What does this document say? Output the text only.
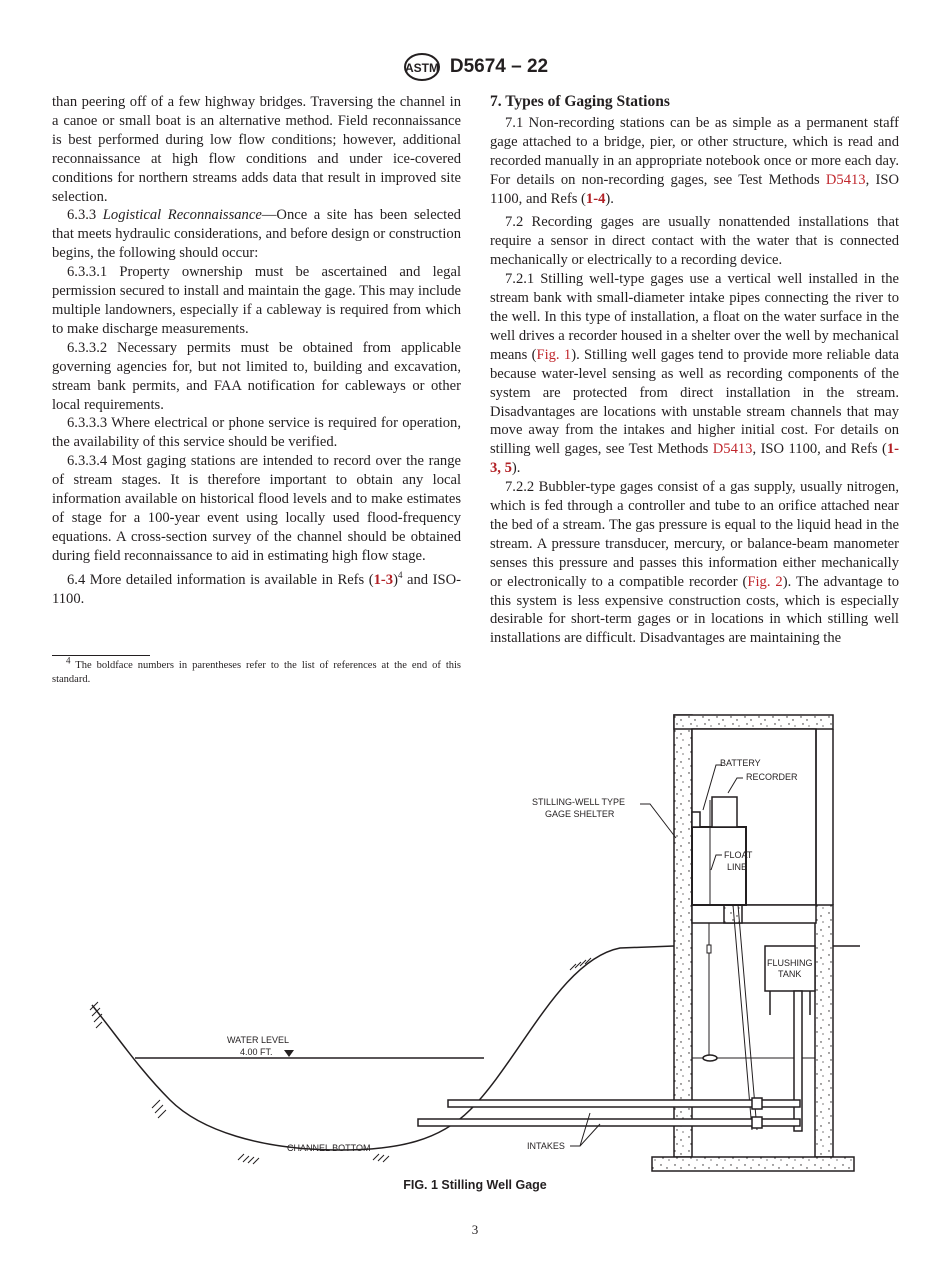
ASTM D5674 – 22

than peering off of a few highway bridges. Traversing the channel in a canoe or small boat is an alternative method. Field reconnaissance is best performed during low flow conditions; however, additional reconnaissance at high flow conditions and under ice-covered conditions for northern streams adds data that result in improved site selection.

6.3.3 Logistical Reconnaissance—Once a site has been selected that meets hydraulic considerations, and before design or construction begins, the following should occur:

6.3.3.1 Property ownership must be ascertained and legal permission secured to install and maintain the gage. This may include multiple landowners, especially if a cableway is required from which to make discharge measurements.

6.3.3.2 Necessary permits must be obtained from applicable governing agencies for, but not limited to, building and excavation, stream bank permits, and FAA notification for cableways or other local requirements.

6.3.3.3 Where electrical or phone service is required for operation, the availability of this service should be verified.

6.3.3.4 Most gaging stations are intended to record over the range of stream stages. It is therefore important to obtain any local information available on historical flood levels and to make estimates of stage for a 100-year event using locally used flood-frequency equations. A cross-section survey of the channel should be obtained during field reconnaissance to aid in estimating high flow stage.

6.4 More detailed information is available in Refs $(1-3)^4$ and ISO-1100.

$^4$ The boldface numbers in parentheses refer to the list of references at the end of this standard.

7. Types of Gaging Stations

7.1 Non-recording stations can be as simple as a permanent staff gage attached to a bridge, pier, or other structure, which is read and recorded manually in an appropriate notebook once or more each day. For details on non-recording gages, see Test Methods D5413, ISO 1100, and Refs (1-4).

7.2 Recording gages are usually nonattended installations that require a sensor in direct contact with the water that is connected mechanically or electrically to a recording device.

7.2.1 Stilling well-type gages use a vertical well installed in the stream bank with small-diameter intake pipes connecting the river to the well. In this type of installation, a float on the water surface in the well drives a recorder housed in a shelter over the well by mechanical means (Fig. 1). Stilling well gages tend to provide more reliable data because water-level sensing as well as recording components of the system are protected from direct installation in the stream. Disadvantages are locations with unstable stream channels that may move away from the intakes and higher initial cost. For details on stilling well gages, see Test Methods D5413, ISO 1100, and Refs (1-3, 5).

7.2.2 Bubbler-type gages consist of a gas supply, usually nitrogen, which is fed through a controller and tube to an orifice attached near the bed of a stream. The gas pressure is equal to the liquid head in the stream. A pressure transducer, mercury, or balance-beam manometer senses this pressure and passes this information either mechanically or electronically to a compatible recorder (Fig. 2). The advantage to this system is less expensive construction costs, which is especially desirable for short-term gages or in locations in which stilling well installations are difficult. Disadvantages are maintaining the

BATTERY
RECORDER
STILLING-WELL TYPE
GAGE SHELTER
FLOAT
LINE
FLUSHING
TANK
WATER LEVEL
4.00 FT.
CHANNEL BOTTOM	INTAKES
FIG. 1 Stilling Well Gage
3
